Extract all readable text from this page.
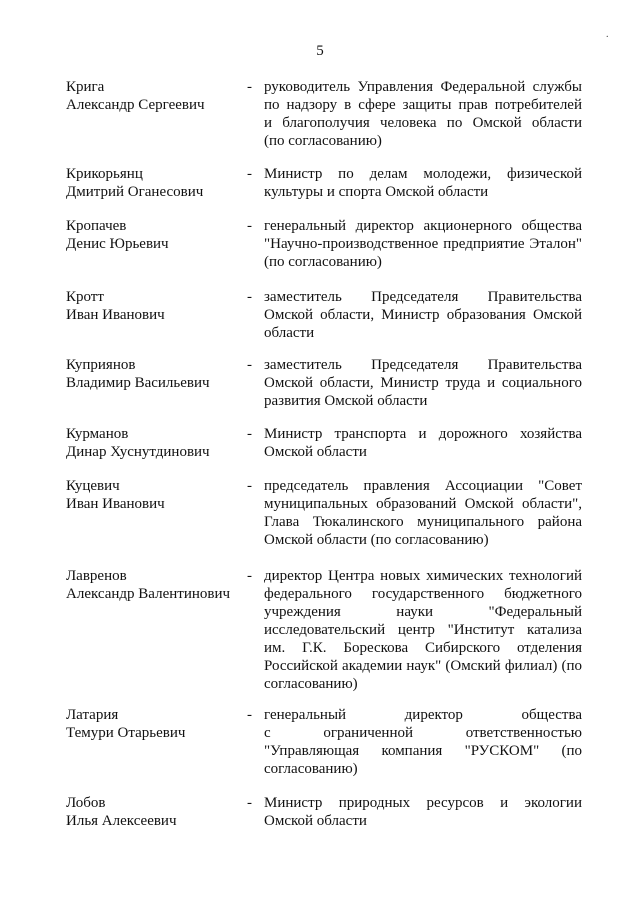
5
.
Крига
Александр Сергеевич
- руководитель Управления Федеральной службы
по надзору в сфере защиты прав потребителей
и благополучия человека по Омской области
(по согласованию)
Крикорьянц
Дмитрий Оганесович
- Министр по делам молодежи, физической
культуры и спорта Омской области
Кропачев
Денис Юрьевич
- генеральный директор акционерного общества
"Научно-производственное предприятие Эталон"
(по согласованию)
Кротт
Иван Иванович
- заместитель Председателя Правительства
Омской области, Министр образования Омской
области
Куприянов
Владимир Васильевич
- заместитель Председателя Правительства
Омской области, Министр труда и социального
развития Омской области
Курманов
Динар Хуснутдинович
- Министр транспорта и дорожного хозяйства
Омской области
Куцевич
Иван Иванович
- председатель правления Ассоциации "Совет
муниципальных образований Омской области",
Глава Тюкалинского муниципального района
Омской области (по согласованию)
Лавренов
Александр Валентинович
- директор Центра новых химических технологий
федерального государственного бюджетного
учреждения науки "Федеральный
исследовательский центр "Институт катализа
им. Г.К. Борескова Сибирского отделения
Российской академии наук" (Омский филиал) (по
согласованию)
Латария
Темури Отарьевич
- генеральный директор общества
с ограниченной ответственностью
"Управляющая компания "РУСКОМ" (по
согласованию)
Лобов
Илья Алексеевич
- Министр природных ресурсов и экологии
Омской области
